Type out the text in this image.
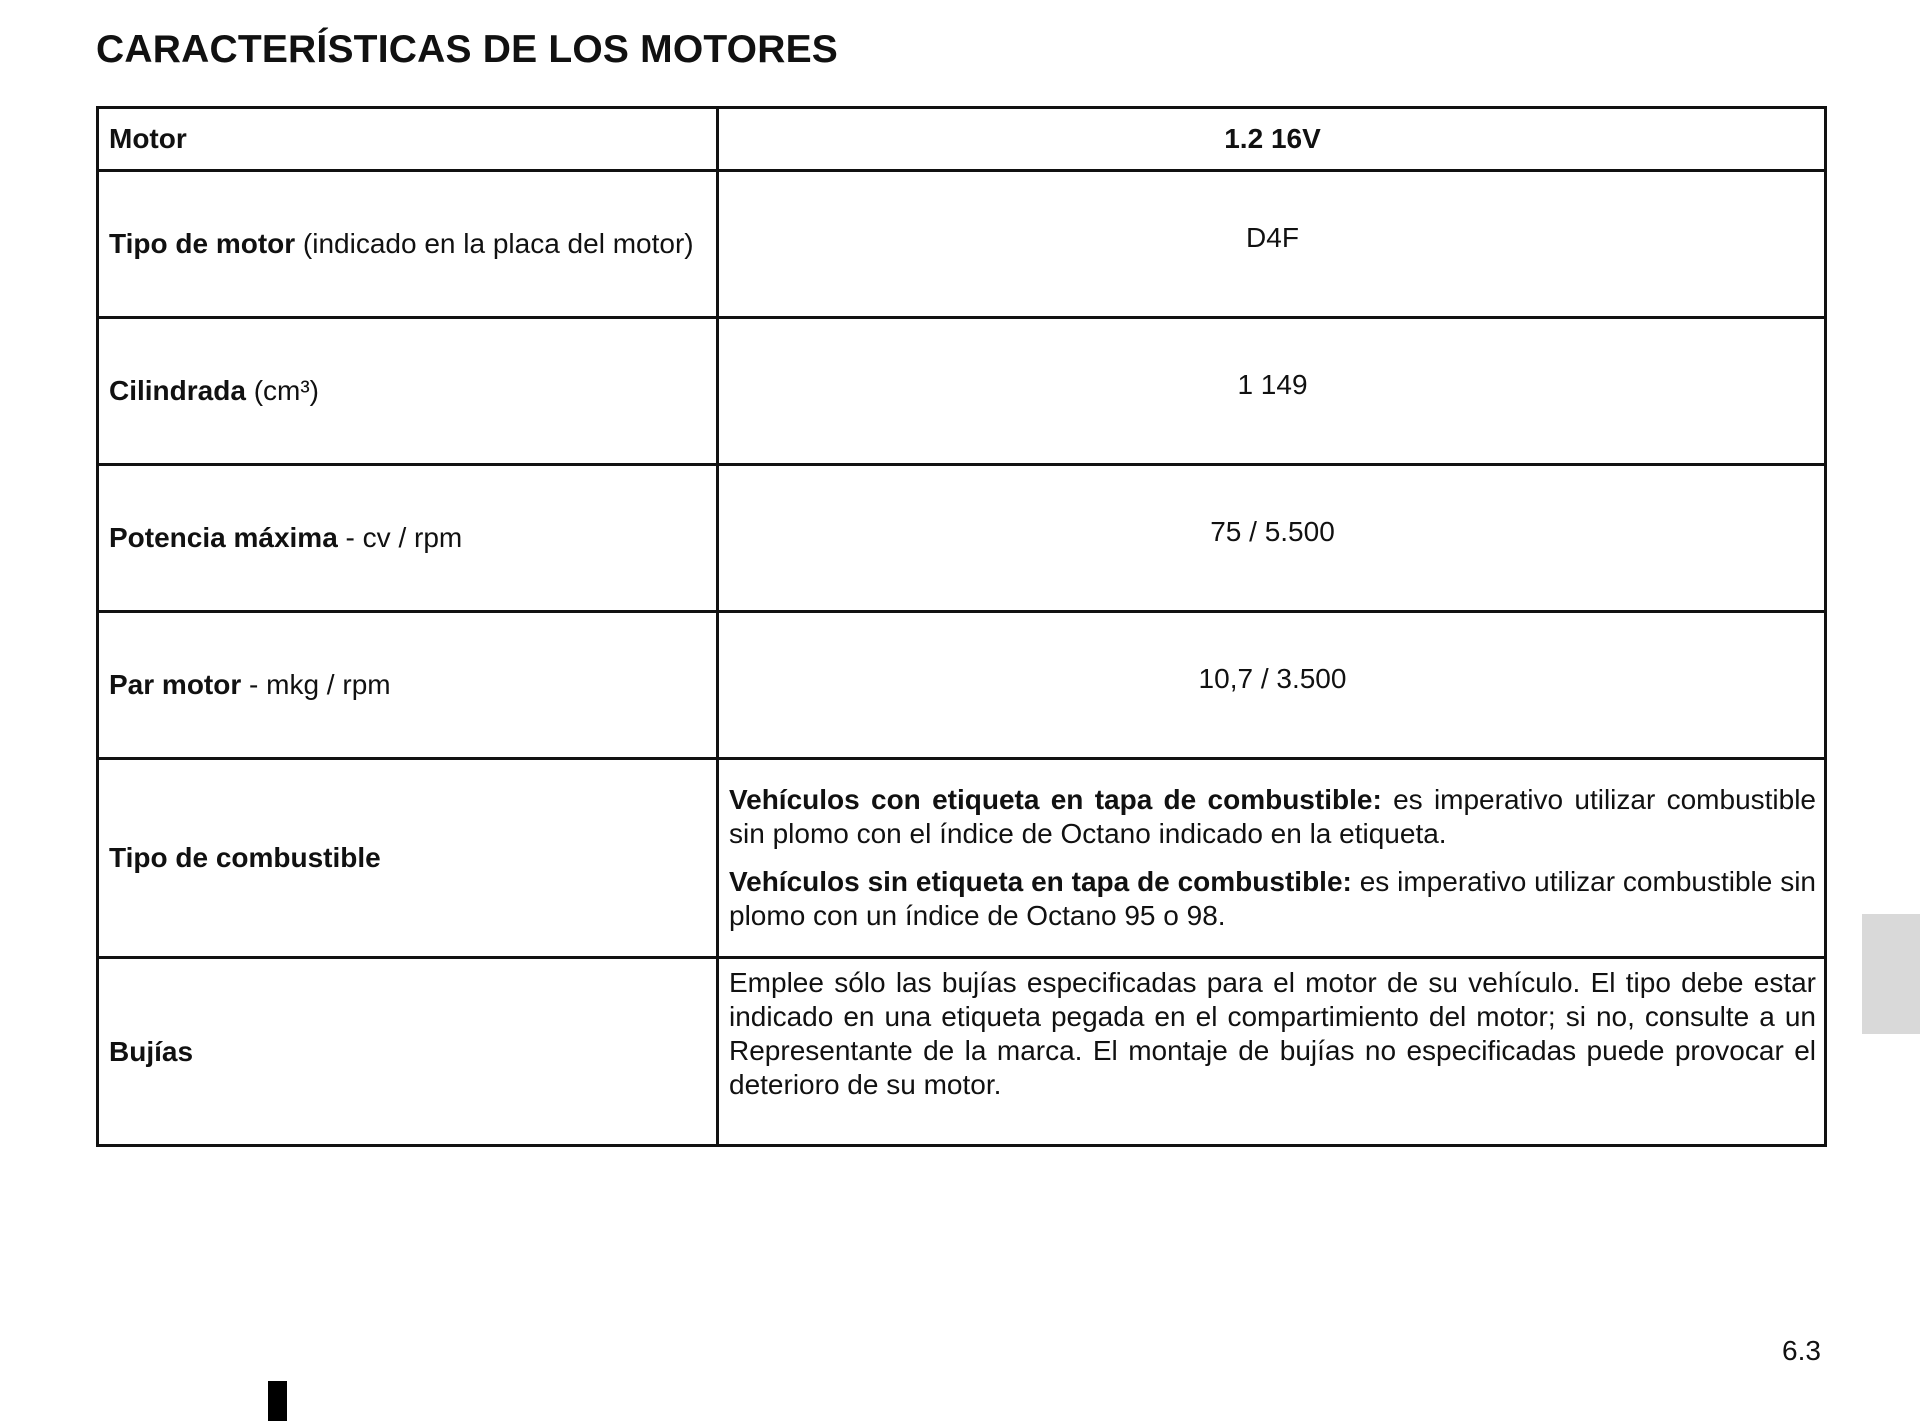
CARACTERÍSTICAS DE LOS MOTORES
Motor	1.2 16V
Tipo de motor (indicado en la placa del motor)	D4F
Cilindrada (cm³)	1 149
Potencia máxima - cv / rpm	75 / 5.500
Par motor - mkg / rpm	10,7 / 3.500
Tipo de combustible	Vehículos con etiqueta en tapa de combustible: es imperativo utilizar combustible sin plomo con el índice de Octano indicado en la etiqueta.

Vehículos sin etiqueta en tapa de combustible: es imperativo utilizar combustible sin plomo con un índice de Octano 95 o 98.

Bujías	Emplee sólo las bujías especificadas para el motor de su vehículo. El tipo debe estar indicado en una etiqueta pegada en el compartimiento del motor; si no, consulte a un Representante de la marca. El montaje de bujías no especificadas puede provocar el deterioro de su motor.

6.3
